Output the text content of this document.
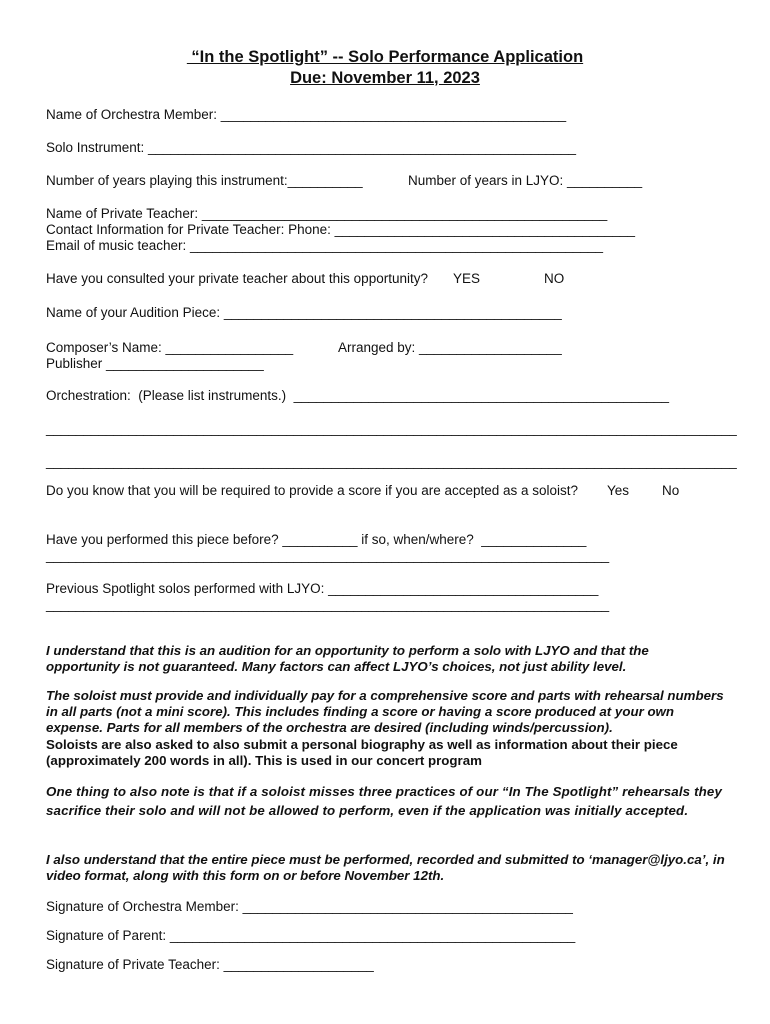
“In the Spotlight” -- Solo Performance Application
Due: November 11, 2023
Name of Orchestra Member: ______________________________________________
Solo Instrument: _________________________________________________________
Number of years playing this instrument:__________	Number of years in LJYO: __________
Name of Private Teacher: ______________________________________________________
Contact Information for Private Teacher: Phone: ________________________________________
Email of music teacher: _______________________________________________________
Have you consulted your private teacher about this opportunity? YES	NO
Name of your Audition Piece: _____________________________________________
Composer’s Name: _________________	Arranged by: ___________________
Publisher _____________________
Orchestration:  (Please list instruments.)  __________________________________________________
____________________________________________________________________________________________
____________________________________________________________________________________________
Do you know that you will be required to provide a score if you are accepted as a soloist? Yes No
Have you performed this piece before? __________ if so, when/where?  ______________
___________________________________________________________________________
Previous Spotlight solos performed with LJYO: ____________________________________
___________________________________________________________________________
I understand that this is an audition for an opportunity to perform a solo with LJYO and that the opportunity is not guaranteed. Many factors can affect LJYO’s choices, not just ability level.
The soloist must provide and individually pay for a comprehensive score and parts with rehearsal numbers in all parts (not a mini score). This includes finding a score or having a score produced at your own expense. Parts for all members of the orchestra are desired (including winds/percussion).
Soloists are also asked to also submit a personal biography as well as information about their piece (approximately 200 words in all). This is used in our concert program
One thing to also note is that if a soloist misses three practices of our “In The Spotlight” rehearsals they sacrifice their solo and will not be allowed to perform, even if the application was initially accepted.
I also understand that the entire piece must be performed, recorded and submitted to ‘manager@ljyo.ca’, in video format, along with this form on or before November 12th.
Signature of Orchestra Member: ____________________________________________
Signature of Parent: ______________________________________________________
Signature of Private Teacher: ____________________
